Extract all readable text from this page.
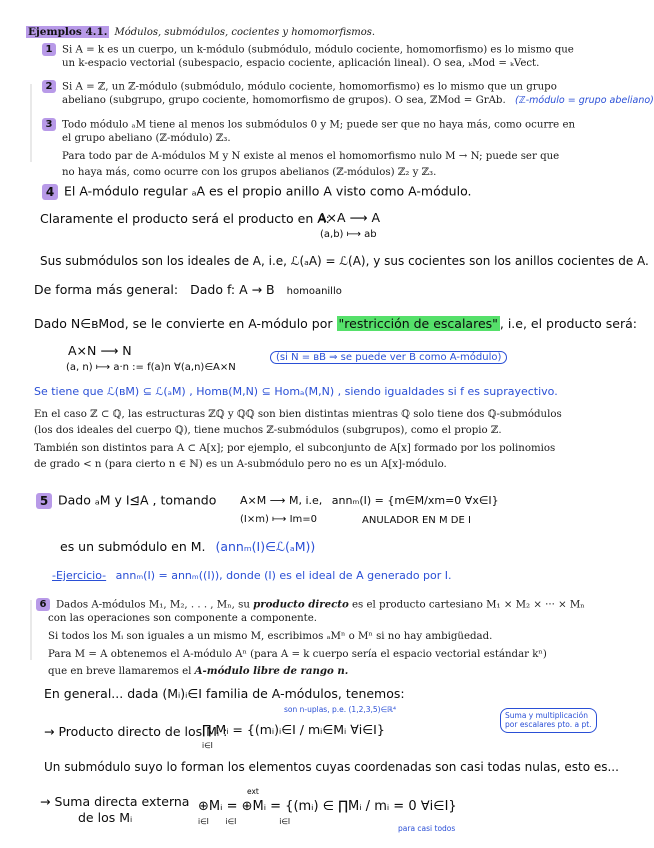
Ejemplos 4.1. Módulos, submódulos, cocientes y homomorfismos.
1 Si A = k es un cuerpo, un k-módulo (submódulo, módulo cociente, homomorfismo) es lo mismo que
un k-espacio vectorial (subespacio, espacio cociente, aplicación lineal). O sea, ₖMod = ₖVect.
2 Si A = ℤ, un ℤ-módulo (submódulo, módulo cociente, homomorfismo) es lo mismo que un grupo
abeliano (subgrupo, grupo cociente, homomorfismo de grupos). O sea, ℤMod = GrAb. (ℤ-módulo = grupo abeliano)
3 Todo módulo ₐM tiene al menos los submódulos 0 y M; puede ser que no haya más, como ocurre en
el grupo abeliano (ℤ-módulo) ℤ₃.
Para todo par de A-módulos M y N existe al menos el homomorfismo nulo M → N; puede ser que
no haya más, como ocurre con los grupos abelianos (ℤ-módulos) ℤ₂ y ℤ₃.
4 El A-módulo regular ₐA es el propio anillo A visto como A-módulo.
Claramente el producto será el producto en A:
A×A ⟶ A
(a,b) ⟼ ab
Sus submódulos son los ideales de A, i.e, ℒ(ₐA) = ℒ(A), y sus cocientes son los anillos cocientes de A.
De forma más general: Dado f: A → B homoanillo
Dado N∈ʙMod, se le convierte en A-módulo por "restricción de escalares" , i.e, el producto será:
A×N ⟶ N
(a, n) ⟼ a·n := f(a)n ∀(a,n)∈A×N
(si N = ʙB ⇒ se puede ver B como A-módulo)
Se tiene que ℒ(ʙM) ⊆ ℒ(ₐM) , Homʙ(M,N) ⊆ Homₐ(M,N) , siendo igualdades si f es suprayectivo.
En el caso ℤ ⊂ ℚ, las estructuras ℤℚ y ℚℚ son bien distintas mientras ℚ solo tiene dos ℚ-submódulos
(los dos ideales del cuerpo ℚ), tiene muchos ℤ-submódulos (subgrupos), como el propio ℤ.
También son distintos para A ⊂ A[x]; por ejemplo, el subconjunto de A[x] formado por los polinomios
de grado < n (para cierto n ∈ ℕ) es un A-submódulo pero no es un A[x]-módulo.
5 Dado ₐM y I⊴A , tomando A×M ⟶ M, i.e, annₘ(I) = {m∈M/xm=0 ∀x∈I}
(I×m) ⟼ Im=0	ANULADOR EN M DE I
es un submódulo en M. (annₘ(I)∈ℒ(ₐM))
-Ejercicio- annₘ(I) = annₘ((I)), donde (I) es el ideal de A generado por I.
6 Dados A-módulos M₁, M₂, . . . , Mₙ, su producto directo es el producto cartesiano M₁ × M₂ × ··· × Mₙ
con las operaciones son componente a componente.
Si todos los Mᵢ son iguales a un mismo M, escribimos ₐMⁿ o Mⁿ si no hay ambigüedad.
Para M = A obtenemos el A-módulo Aⁿ (para A = k cuerpo sería el espacio vectorial estándar kⁿ)
que en breve llamaremos el A-módulo libre de rango n.
En general... dada (Mᵢ)ᵢ∈I familia de A-módulos, tenemos:
son n-uplas, p.e. (1,2,3,5)∈ℝ⁴
Suma y multiplicación
por escalares pto. a pt.
→ Producto directo de los Mᵢ :
∏ Mᵢ = {(mᵢ)ᵢ∈I / mᵢ∈Mᵢ ∀i∈I}
i∈I
Un submódulo suyo lo forman los elementos cuyas coordenadas son casi todas nulas, esto es...
ext
→ Suma directa externa
de los Mᵢ
⊕Mᵢ = ⊕Mᵢ = {(mᵢ) ∈ ∏Mᵢ / mᵢ = 0 ∀i∈I}
i∈I       i∈I                  i∈I
para casi todos
